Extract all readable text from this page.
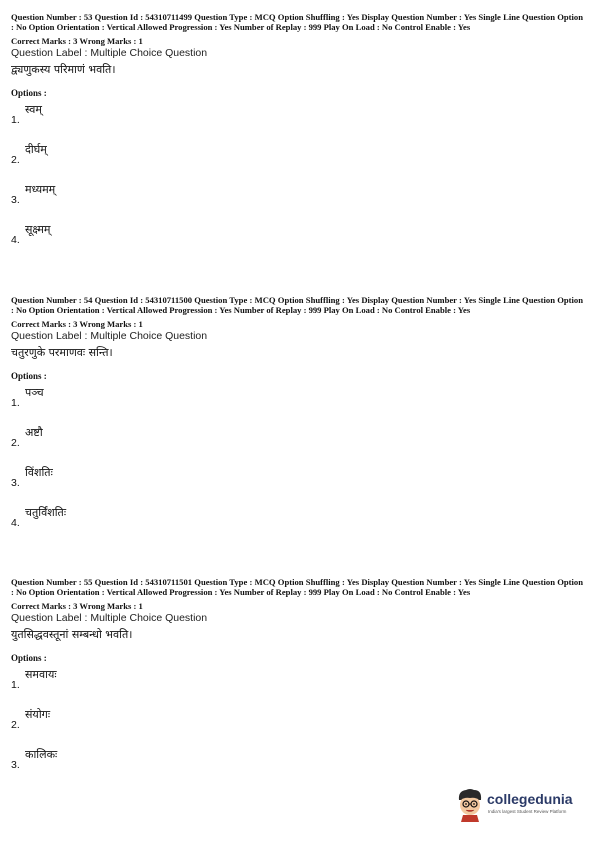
Question Number : 53 Question Id : 54310711499 Question Type : MCQ Option Shuffling : Yes Display Question Number : Yes Single Line Question Option : No Option Orientation : Vertical Allowed Progression : Yes Number of Replay : 999 Play On Load : No Control Enable : Yes

Correct Marks : 3 Wrong Marks : 1
Question Label : Multiple Choice Question
द्व्यणुकस्य परिमाणं भवति।
Options :
1.
स्वम्
2.
दीर्घम्
3.
मध्यमम्
4.
सूक्ष्मम्

Question Number : 54 Question Id : 54310711500 Question Type : MCQ Option Shuffling : Yes Display Question Number : Yes Single Line Question Option : No Option Orientation : Vertical Allowed Progression : Yes Number of Replay : 999 Play On Load : No Control Enable : Yes

Correct Marks : 3 Wrong Marks : 1
Question Label : Multiple Choice Question
चतुरणुके परमाणवः सन्ति।
Options :
1.
पञ्च
2.
अष्टौ
3.
विंशतिः
4.
चतुर्विंशतिः

Question Number : 55 Question Id : 54310711501 Question Type : MCQ Option Shuffling : Yes Display Question Number : Yes Single Line Question Option : No Option Orientation : Vertical Allowed Progression : Yes Number of Replay : 999 Play On Load : No Control Enable : Yes

Correct Marks : 3 Wrong Marks : 1
Question Label : Multiple Choice Question
युतसिद्धवस्तूनां सम्बन्धो भवति।
Options :
1.
समवायः
2.
संयोगः
3.
कालिकः
collegedunia
India's largest Student Review Platform
